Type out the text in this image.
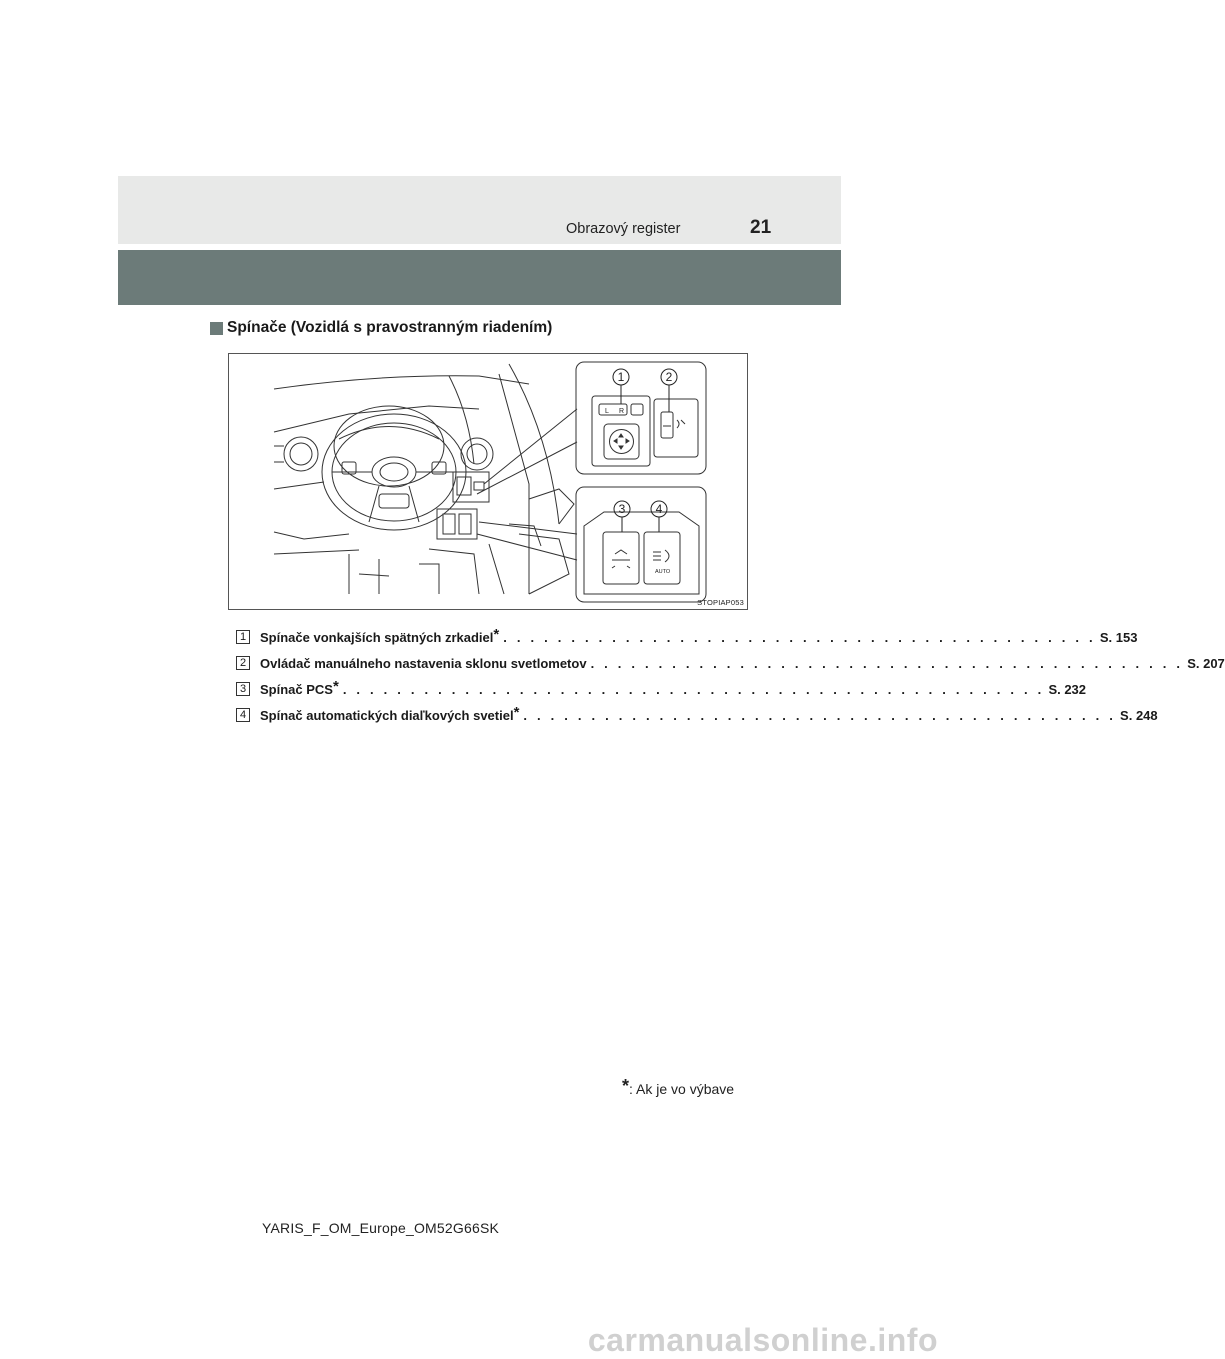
Obrazový register	21
Spínače (Vozidlá s pravostranným riadením)
1	2
3	4
L R
AUTO
STOPIAP053
1	Spínače vonkajších spätných zrkadiel* . . . . . . . . . . . . . . . . . . . . . . . . . . . . . . . . . . . . . . . . . . . . S. 153
2	Ovládač manuálneho nastavenia sklonu svetlometov . . . . . . . . . . . . . . . . . . . . . . . . . . . . . . . . . . . . . . . . . . . . S. 207
3	Spínač PCS* . . . . . . . . . . . . . . . . . . . . . . . . . . . . . . . . . . . . . . . . . . . . . . . . . . . . S. 232
4	Spínač automatických diaľkových svetiel* . . . . . . . . . . . . . . . . . . . . . . . . . . . . . . . . . . . . . . . . . . . . S. 248
*: Ak je vo výbave
YARIS_F_OM_Europe_OM52G66SK
carmanualsonline.info
